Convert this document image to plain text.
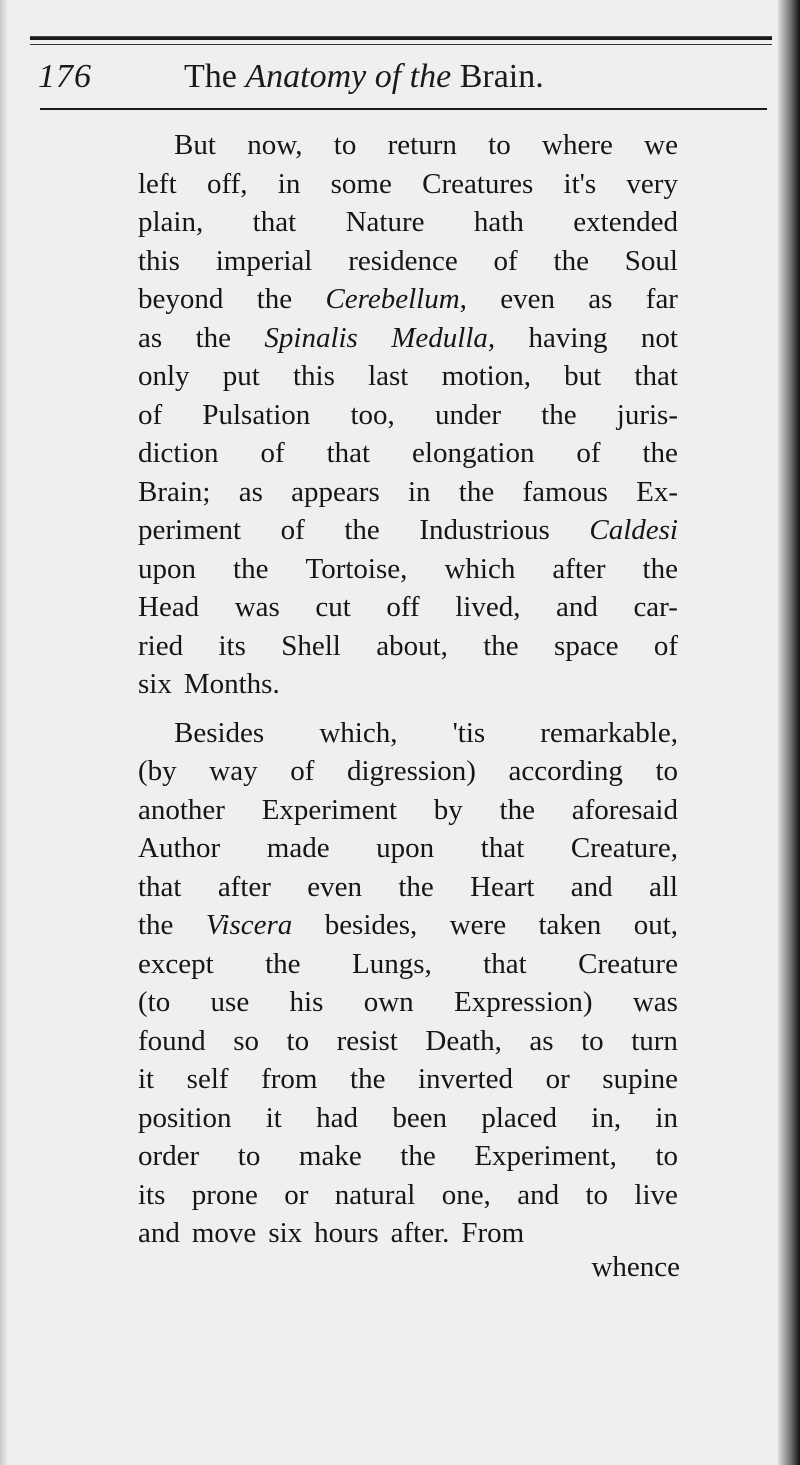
176	The Anatomy of the Brain.
But now, to return to where we
left off, in some Creatures it's very
plain, that Nature hath extended
this imperial residence of the Soul
beyond the Cerebellum, even as far
as the Spinalis Medulla, having not
only put this last motion, but that
of Pulsation too, under the juris-
diction of that elongation of the
Brain; as appears in the famous Ex-
periment of the Industrious Caldesi
upon the Tortoise, which after the
Head was cut off lived, and car-
ried its Shell about, the space of
six Months.
Besides which, 'tis remarkable,
(by way of digression) according to
another Experiment by the aforesaid
Author made upon that Creature,
that after even the Heart and all
the Viscera besides, were taken out,
except the Lungs, that Creature
(to use his own Expression) was
found so to resist Death, as to turn
it self from the inverted or supine
position it had been placed in, in
order to make the Experiment, to
its prone or natural one, and to live
and move six hours after. From
whence
